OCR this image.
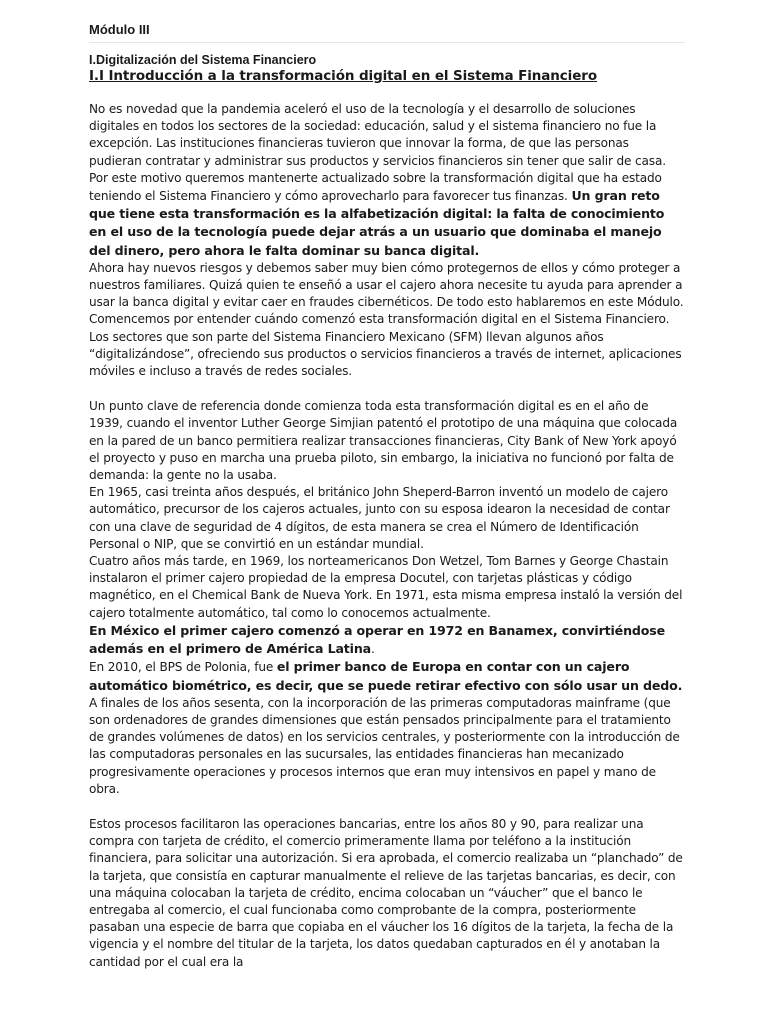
Módulo III
I.Digitalización del Sistema Financiero
I.I Introducción a la transformación digital en el Sistema Financiero

No es novedad que la pandemia aceleró el uso de la tecnología y el desarrollo de soluciones digitales en todos los sectores de la sociedad: educación, salud y el sistema financiero no fue la excepción. Las instituciones financieras tuvieron que innovar la forma, de que las personas pudieran contratar y administrar sus productos y servicios financieros sin tener que salir de casa.

Por este motivo queremos mantenerte actualizado sobre la transformación digital que ha estado teniendo el Sistema Financiero y cómo aprovecharlo para favorecer tus finanzas. Un gran reto que tiene esta transformación es la alfabetización digital: la falta de conocimiento en el uso de la tecnología puede dejar atrás a un usuario que dominaba el manejo del dinero, pero ahora le falta dominar su banca digital.

Ahora hay nuevos riesgos y debemos saber muy bien cómo protegernos de ellos y cómo proteger a nuestros familiares. Quizá quien te enseñó a usar el cajero ahora necesite tu ayuda para aprender a usar la banca digital y evitar caer en fraudes cibernéticos. De todo esto hablaremos en este Módulo.

Comencemos por entender cuándo comenzó esta transformación digital en el Sistema Financiero.

Los sectores que son parte del Sistema Financiero Mexicano (SFM) llevan algunos años “digitalizándose”, ofreciendo sus productos o servicios financieros a través de internet, aplicaciones móviles e incluso a través de redes sociales.

Un punto clave de referencia donde comienza toda esta transformación digital es en el año de 1939, cuando el inventor Luther George Simjian patentó el prototipo de una máquina que colocada en la pared de un banco permitiera realizar transacciones financieras, City Bank of New York apoyó el proyecto y puso en marcha una prueba piloto, sin embargo, la iniciativa no funcionó por falta de demanda: la gente no la usaba.

En 1965, casi treinta años después, el británico John Sheperd-Barron inventó un modelo de cajero automático, precursor de los cajeros actuales, junto con su esposa idearon la necesidad de contar con una clave de seguridad de 4 dígitos, de esta manera se crea el Número de Identificación Personal o NIP, que se convirtió en un estándar mundial.

Cuatro años más tarde, en 1969, los norteamericanos Don Wetzel, Tom Barnes y George Chastain instalaron el primer cajero propiedad de la empresa Docutel, con tarjetas plásticas y código magnético, en el Chemical Bank de Nueva York. En 1971, esta misma empresa instaló la versión del cajero totalmente automático, tal como lo conocemos actualmente.

En México el primer cajero comenzó a operar en 1972 en Banamex, convirtiéndose además en el primero de América Latina.

En 2010, el BPS de Polonia, fue el primer banco de Europa en contar con un cajero automático biométrico, es decir, que se puede retirar efectivo con sólo usar un dedo.

A finales de los años sesenta, con la incorporación de las primeras computadoras mainframe (que son ordenadores de grandes dimensiones que están pensados principalmente para el tratamiento de grandes volúmenes de datos) en los servicios centrales, y posteriormente con la introducción de las computadoras personales en las sucursales, las entidades financieras han mecanizado progresivamente operaciones y procesos internos que eran muy intensivos en papel y mano de obra.

Estos procesos facilitaron las operaciones bancarias, entre los años 80 y 90, para realizar una compra con tarjeta de crédito, el comercio primeramente llama por teléfono a la institución financiera, para solicitar una autorización. Si era aprobada, el comercio realizaba un “planchado” de la tarjeta, que consistía en capturar manualmente el relieve de las tarjetas bancarias, es decir, con una máquina colocaban la tarjeta de crédito, encima colocaban un “váucher” que el banco le entregaba al comercio, el cual funcionaba como comprobante de la compra, posteriormente pasaban una especie de barra que copiaba en el váucher los 16 dígitos de la tarjeta, la fecha de la vigencia y el nombre del titular de la tarjeta, los datos quedaban capturados en él y anotaban la cantidad por el cual era la
